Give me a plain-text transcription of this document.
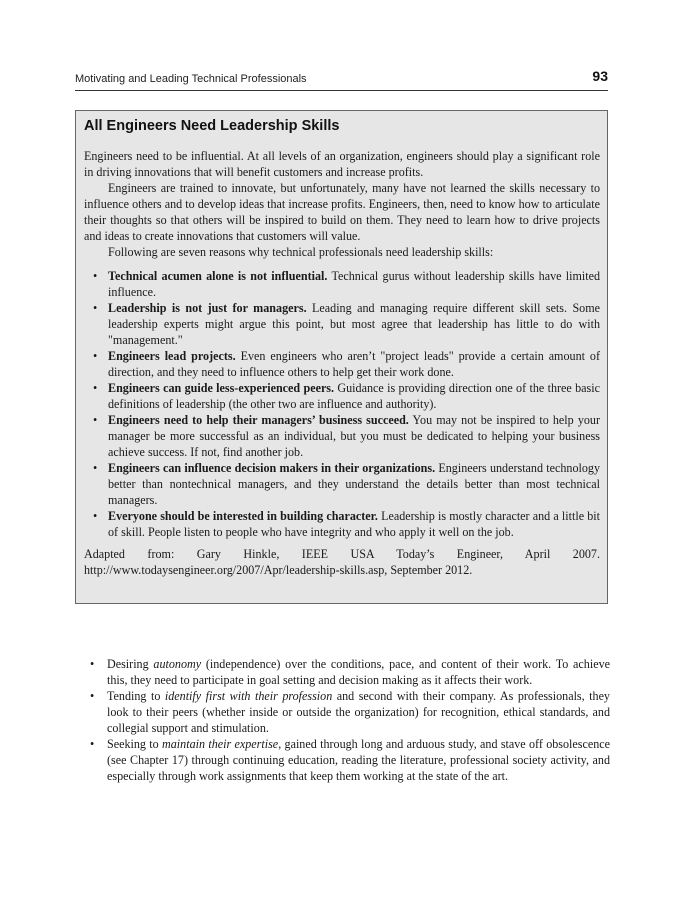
Motivating and Leading Technical Professionals	93
All Engineers Need Leadership Skills

Engineers need to be influential. At all levels of an organization, engineers should play a significant role in driving innovations that will benefit customers and increase profits.

Engineers are trained to innovate, but unfortunately, many have not learned the skills necessary to influence others and to develop ideas that increase profits. Engineers, then, need to know how to articulate their thoughts so that others will be inspired to build on them. They need to learn how to drive projects and ideas to create innovations that customers will value.

Following are seven reasons why technical professionals need leadership skills:

• Technical acumen alone is not influential. Technical gurus without leadership skills have limited influence.
• Leadership is not just for managers. Leading and managing require different skill sets. Some leadership experts might argue this point, but most agree that leadership has little to do with "management."
• Engineers lead projects. Even engineers who aren’t "project leads" provide a certain amount of direction, and they need to influence others to help get their work done.
• Engineers can guide less-experienced peers. Guidance is providing direction one of the three basic definitions of leadership (the other two are influence and authority).
• Engineers need to help their managers’ business succeed. You may not be inspired to help your manager be more successful as an individual, but you must be dedicated to helping your business achieve success. If not, find another job.
• Engineers can influence decision makers in their organizations. Engineers understand technology better than nontechnical managers, and they understand the details better than most technical managers.
• Everyone should be interested in building character. Leadership is mostly character and a little bit of skill. People listen to people who have integrity and who apply it well on the job.

Adapted from: Gary Hinkle, IEEE USA Today’s Engineer, April 2007. http://www.todaysengineer.org/2007/Apr/leadership-skills.asp, September 2012.

• Desiring autonomy (independence) over the conditions, pace, and content of their work. To achieve this, they need to participate in goal setting and decision making as it affects their work.
• Tending to identify first with their profession and second with their company. As professionals, they look to their peers (whether inside or outside the organization) for recognition, ethical standards, and collegial support and stimulation.
• Seeking to maintain their expertise, gained through long and arduous study, and stave off obsolescence (see Chapter 17) through continuing education, reading the literature, professional society activity, and especially through work assignments that keep them working at the state of the art.
